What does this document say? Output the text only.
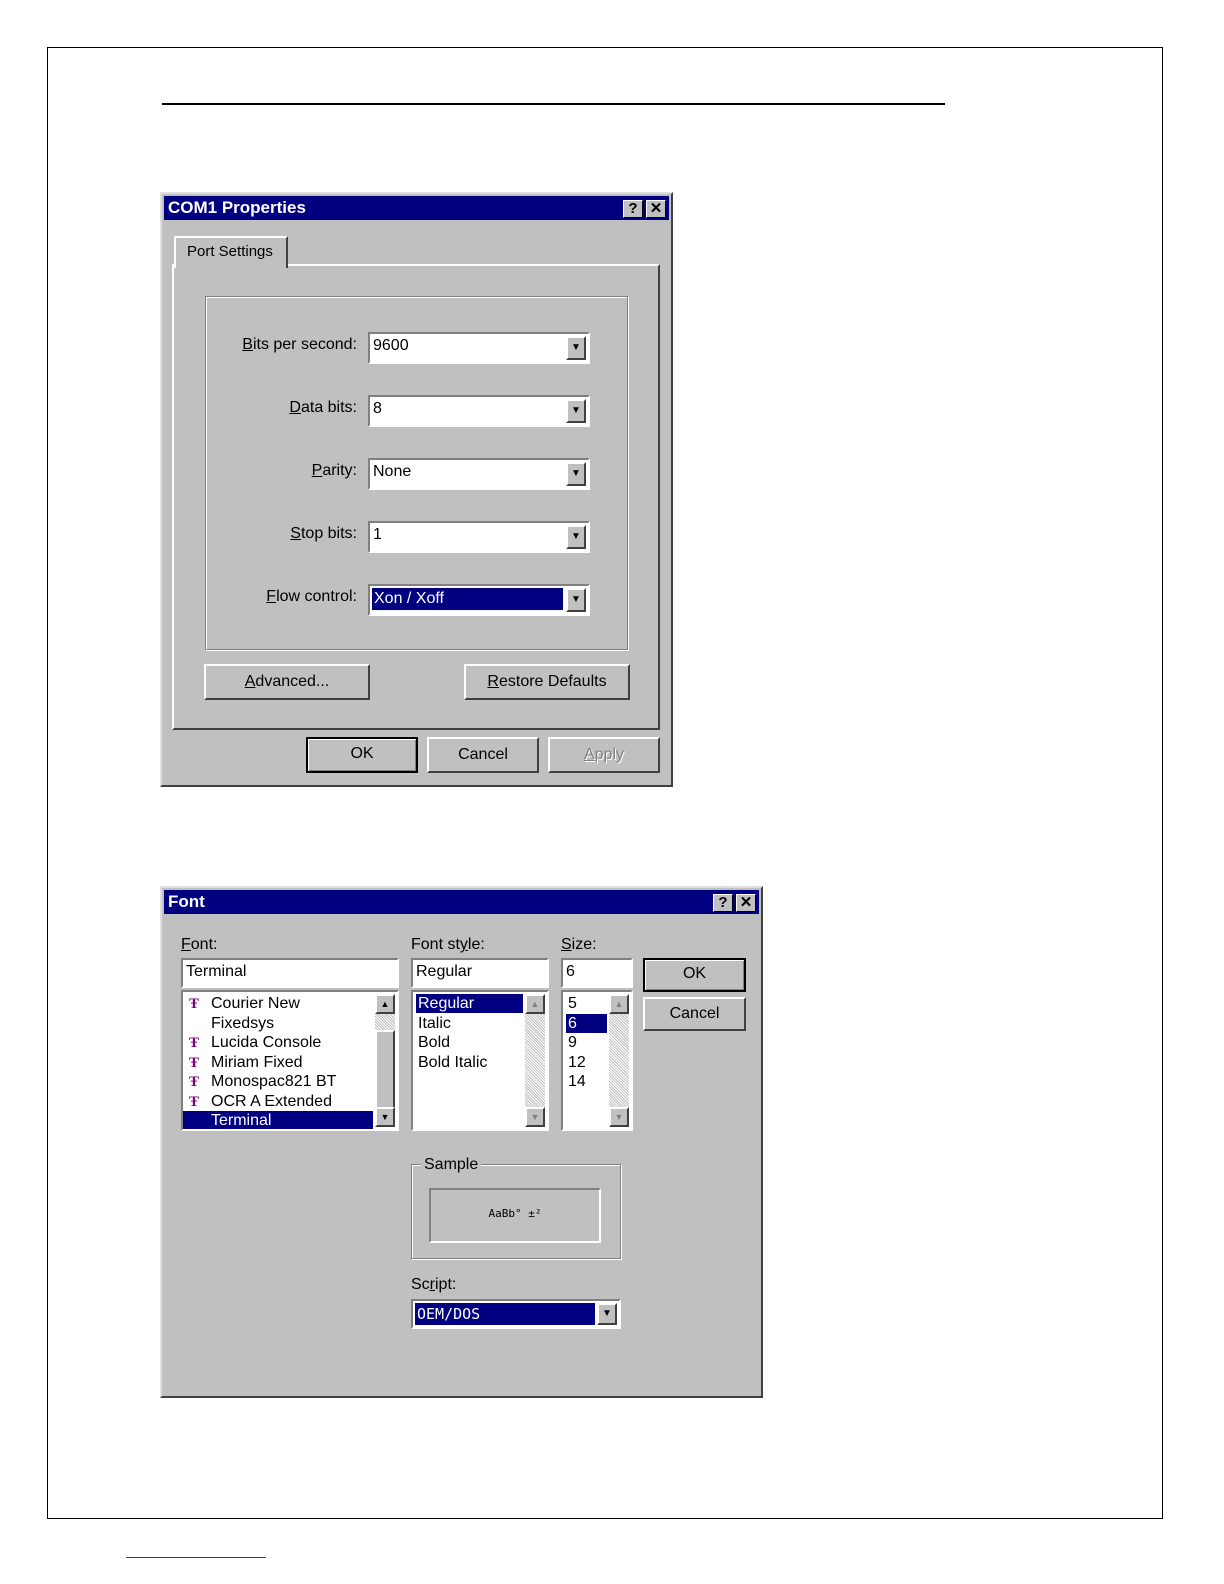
COM1 Properties	? ✕
Port Settings
Bits per second: 9600	▼
Data bits: 8	▼
Parity: None	▼
Stop bits: 1	▼
Flow control: Xon / Xoff	▼
Advanced...	Restore Defaults
OK	Cancel	Apply
Font	? ✕
Font:
Terminal
Ŧ Courier New
Fixedsys
Ŧ Lucida Console
Ŧ Miriam Fixed
Ŧ Monospac821 BT
Ŧ OCR A Extended
Terminal
▲
▼
Font style:
Regular
Regular
Italic
Bold
Bold Italic
▲
▼
Size:
6
5
6
9
12
14
▲
▼
OK
Cancel
Sample
AaBb° ±²
Script:
OEM/DOS	▼
